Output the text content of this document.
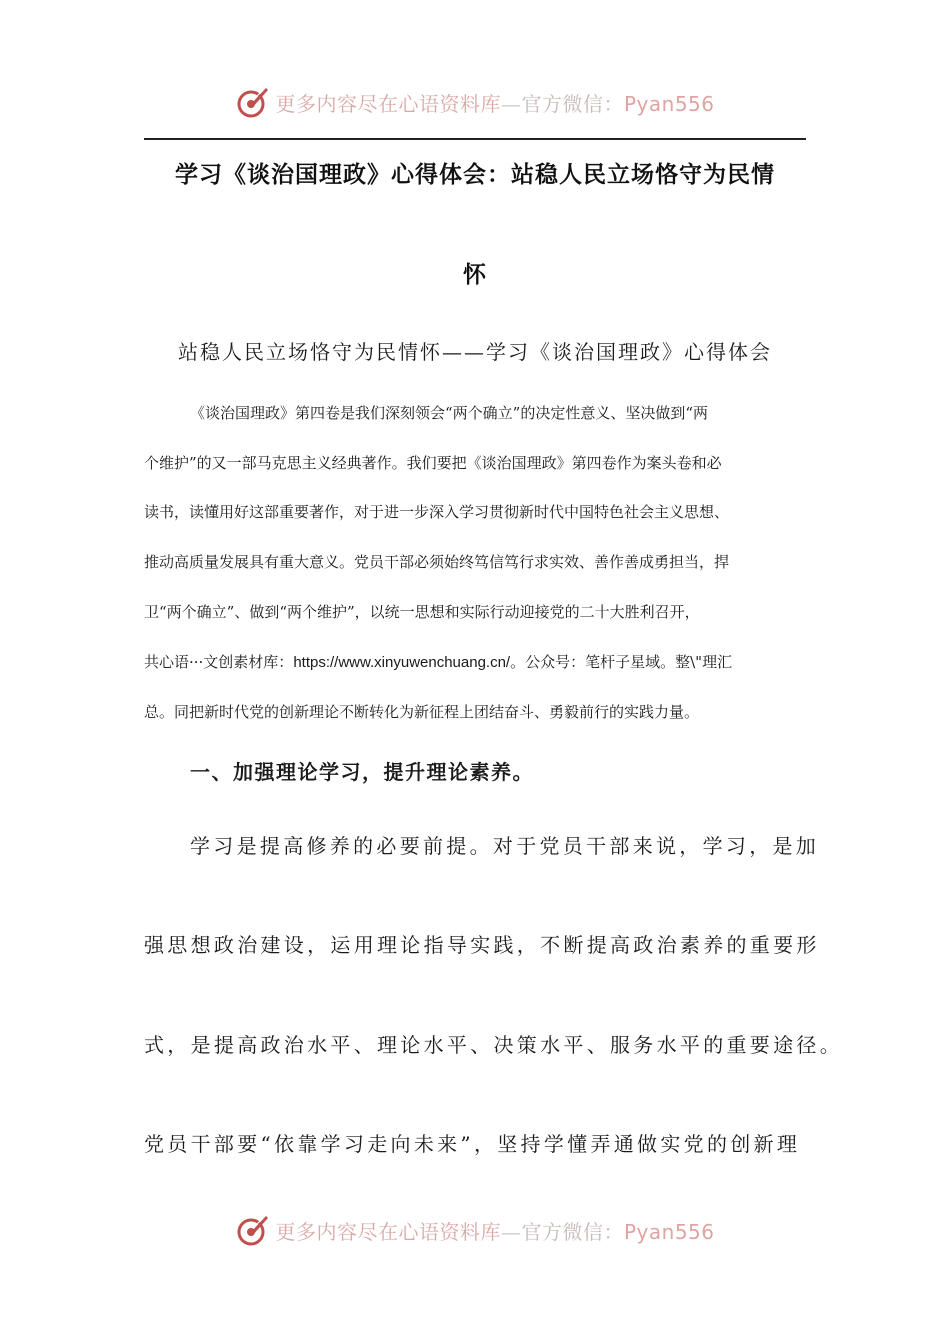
更多内容尽在心语资料库—官方微信：Pyan556
学习《谈治国理政》心得体会：站稳人民立场恪守为民情
怀
站稳人民立场恪守为民情怀——学习《谈治国理政》心得体会
《谈治国理政》第四卷是我们深刻领会“两个确立”的决定性意义、坚决做到“两
个维护”的又一部马克思主义经典著作。我们要把《谈治国理政》第四卷作为案头卷和必
读书，读懂用好这部重要著作，对于进一步深入学习贯彻新时代中国特色社会主义思想、
推动高质量发展具有重大意义。党员干部必须始终笃信笃行求实效、善作善成勇担当，捍
卫“两个确立”、做到“两个维护”，以统一思想和实际行动迎接党的二十大胜利召开，
共心语···文创素材库：https://www.xinyuwenchuang.cn/。公众号：笔杆子星域。整\"理汇
总。同把新时代党的创新理论不断转化为新征程上团结奋斗、勇毅前行的实践力量。
一、加强理论学习，提升理论素养。
学习是提高修养的必要前提。对于党员干部来说，学习，是加
强思想政治建设，运用理论指导实践，不断提高政治素养的重要形
式，是提高政治水平、理论水平、决策水平、服务水平的重要途径。
党员干部要“依靠学习走向未来”，坚持学懂弄通做实党的创新理
更多内容尽在心语资料库—官方微信：Pyan556
